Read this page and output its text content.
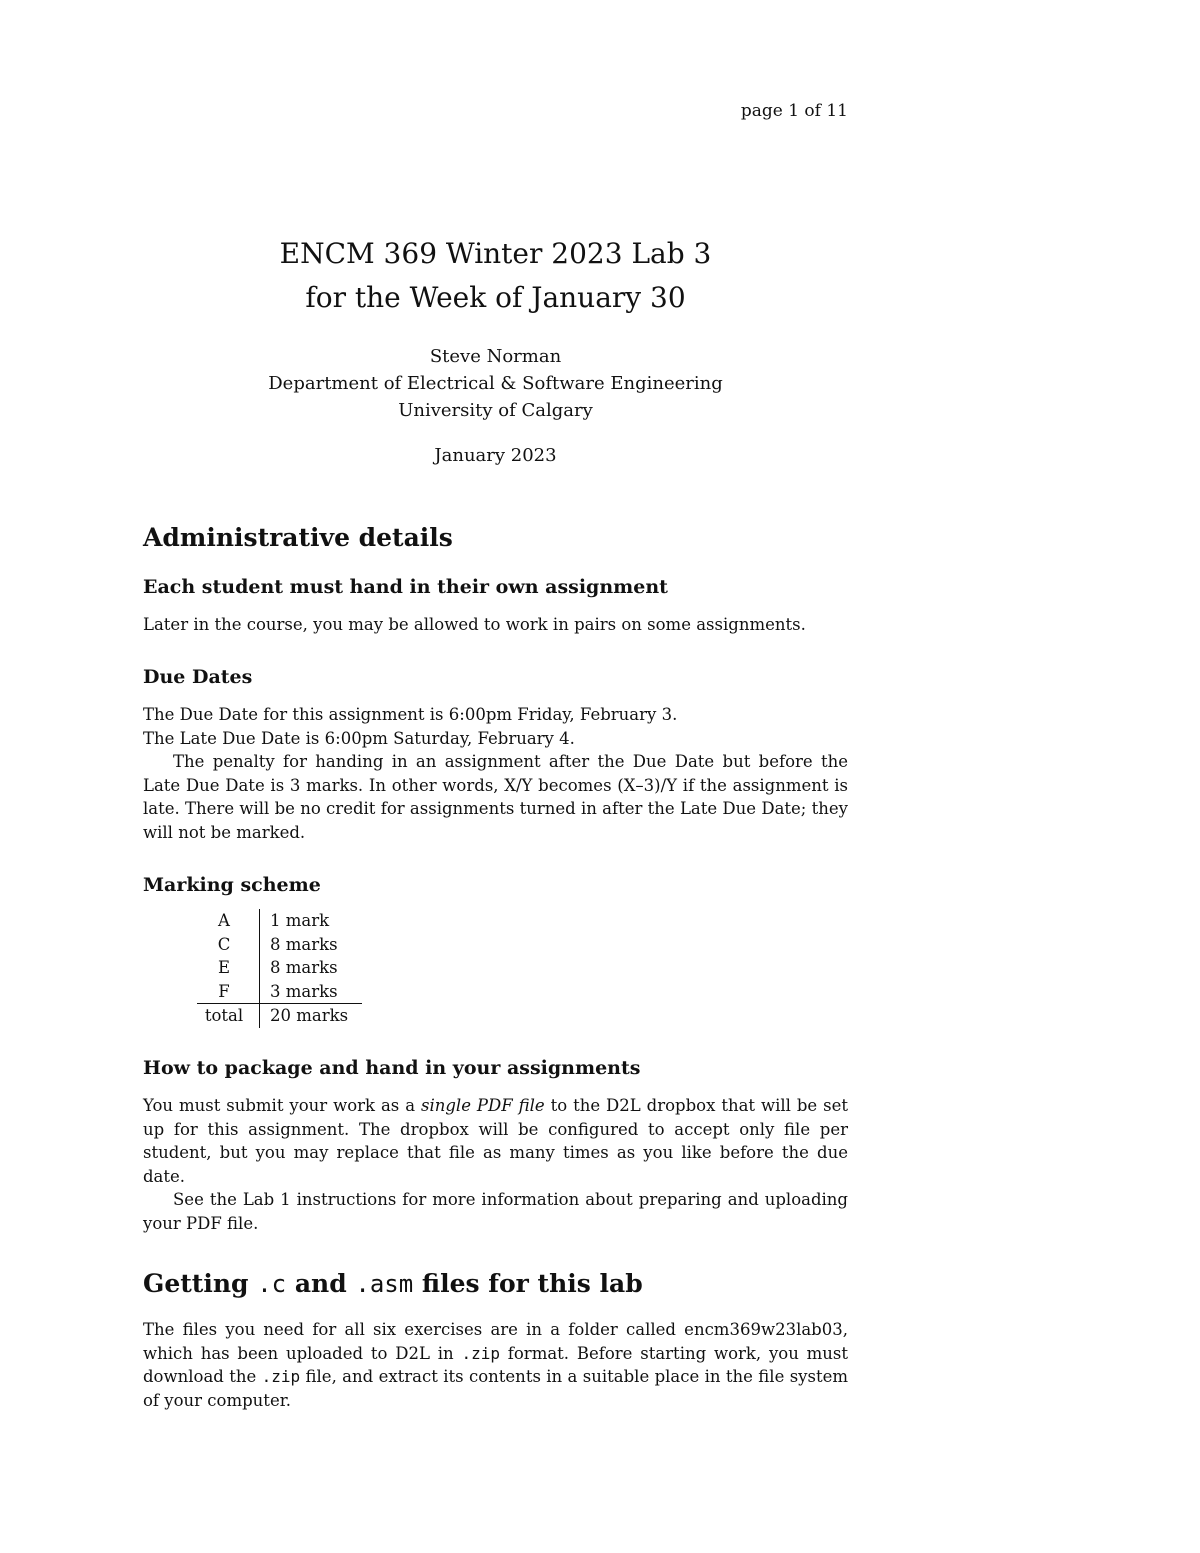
page 1 of 11
ENCM 369 Winter 2023 Lab 3
for the Week of January 30
Steve Norman
Department of Electrical & Software Engineering
University of Calgary
January 2023
Administrative details
Each student must hand in their own assignment

Later in the course, you may be allowed to work in pairs on some assignments.

Due Dates

The Due Date for this assignment is 6:00pm Friday, February 3.

The Late Due Date is 6:00pm Saturday, February 4.

The penalty for handing in an assignment after the Due Date but before the Late Due Date is 3 marks. In other words, X/Y becomes (X–3)/Y if the assignment is late. There will be no credit for assignments turned in after the Late Due Date; they will not be marked.

Marking scheme
A	1 mark
C	8 marks
E	8 marks
F	3 marks
total	20 marks
How to package and hand in your assignments

You must submit your work as a single PDF file to the D2L dropbox that will be set up for this assignment. The dropbox will be configured to accept only file per student, but you may replace that file as many times as you like before the due date.

See the Lab 1 instructions for more information about preparing and uploading your PDF file.

Getting .c and .asm files for this lab

The files you need for all six exercises are in a folder called encm369w23lab03, which has been uploaded to D2L in .zip format. Before starting work, you must download the .zip file, and extract its contents in a suitable place in the file system of your computer.
